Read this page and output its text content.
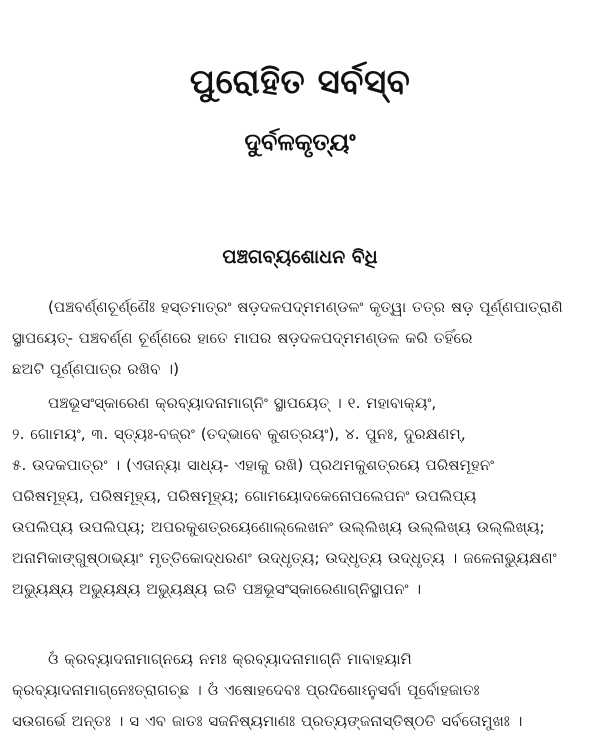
ପୁରୋହିତ ସର୍ବସ୍ବ
ଦୁର୍ବଳକୃତ୍ୟଂ
ପଞ୍ଚଗବ୍ୟଶୋଧନ ବିଧି
(ପଞ୍ଚବର୍ଣ୍ଣଚୂର୍ଣ୍ଣୈଃ ହସ୍ତମାତ୍ରଂ ଷଡ଼ଦଳପଦ୍ମମଣ୍ଡଳଂ କୃତ୍ୱା ତତ୍ର ଷଡ଼ ପୂର୍ଣ୍ଣପାତ୍ରାଣି
ସ୍ଥାପୟେତ୍- ପଞ୍ଚବର୍ଣ୍ଣ ଚୂର୍ଣ୍ଣରେ ହାତେ ମାପର ଷଡ଼ଦଳପଦ୍ମମଣ୍ଡଳ କରି ତହିଁରେ
ଛଅଟି ପୂର୍ଣ୍ଣପାତ୍ର ରଖିବ ।)
ପଞ୍ଚଭୂସଂସ୍କାରେଣ କ୍ରବ୍ୟାଦନାମାଗ୍ନିଂ ସ୍ଥାପୟେତ୍ । ୧. ମହାବାକ୍ୟଂ,
୨. ଗୋମୟଂ, ୩. ସ୍ତ୍ୟଃ-ବଜ୍ରଂ (ତଦ୍‌ଭାବେ କୁଶତ୍ରୟଂ), ୪. ପୁନଃ, ଦୁରକ୍ଷଣମ୍,
୫. ଉଦକପାତ୍ରଂ । (ଏତାନ୍ୟା ସାଧ୍ୟ- ଏହାକୁ ରଖି) ପ୍ରଥମକୁଶତ୍ରୟେ ପରିଷମୂହନଂ
ପରିଷମୂହ୍ୟ, ପରିଷମୂହ୍ୟ, ପରିଷମୂହ୍ୟ; ଗୋମୟୋଦକେନୋପଲେପନଂ ଉପଲିପ୍ୟ
ଉପଲିପ୍ୟ ଉପଲିପ୍ୟ; ଅପରକୁଶତ୍ରୟେଣୋଲ୍ଲେଖନଂ ଉଲ୍ଲିଖ୍ୟ ଉଲ୍ଲିଖ୍ୟ ଉଲ୍ଲିଖ୍ୟ;
ଅନାମିକାଙ୍ଗୁଷ୍ଠାଭ୍ୟାଂ ମୃତ୍ତିକୋଦ୍ଧରଣଂ ଉଦ୍ଧୃତ୍ୟ; ଉଦ୍ଧୃତ୍ୟ ଉଦ୍ଧୃତ୍ୟ । ଜଳେନାଭ୍ୟୁକ୍ଷଣଂ
ଅଭ୍ୟୁକ୍ଷ୍ୟ ଅଭ୍ୟୁକ୍ଷ୍ୟ ଅଭ୍ୟୁକ୍ଷ୍ୟ ଇତି ପଞ୍ଚଭୂସଂସ୍କାରେଣାଗ୍ନିସ୍ଥାପନଂ ।
ଓଁ କ୍ରବ୍ୟାଦନାମାଗ୍ନୟେ ନମଃ କ୍ରବ୍ୟାଦନାମାଗ୍ନି ମାବାହୟାମି
କ୍ରବ୍ୟାଦନାମାଗ୍ନେଃତ୍ରାଗଚ୍ଛ । ଓଁ ଏଷୋହଦେବଃ ପ୍ରଦିଶୋଽନୁସର୍ବା ପୂର୍ବୋହଜାତଃ
ସଉଗର୍ଭେ ଅନ୍ତଃ । ସ ଏବ ଜାତଃ ସଜନିଷ୍ୟମାଣଃ ପ୍ରତ୍ୟଙ୍ଜନାସ୍ତିଷ୍ଠତି ସର୍ବତୋମୁଖଃ ।
